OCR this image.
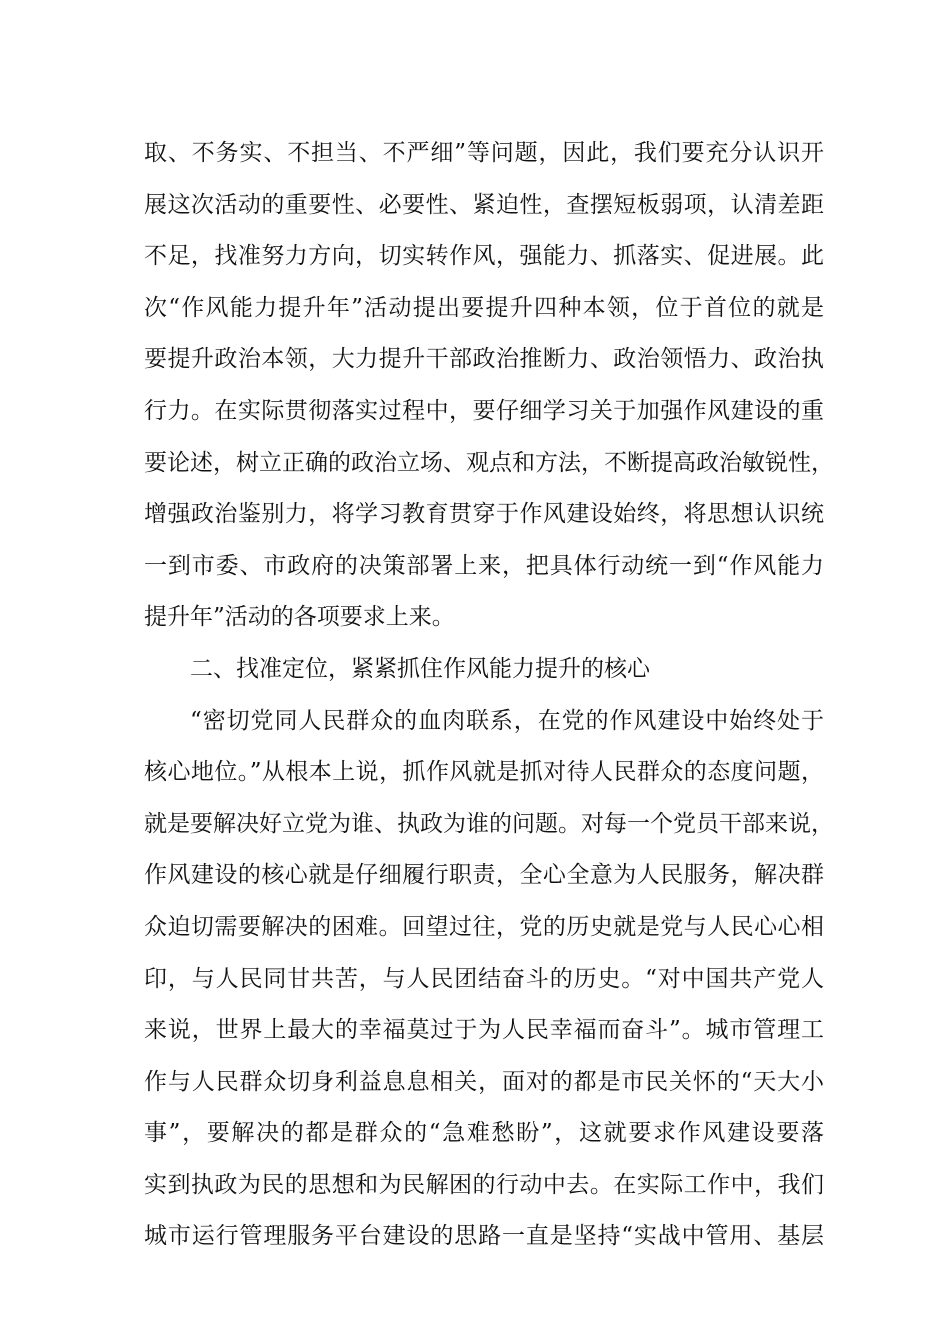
取、不务实、不担当、不严细”等问题，因此，我们要充分认识开
展这次活动的重要性、必要性、紧迫性，查摆短板弱项，认清差距
不足，找准努力方向，切实转作风，强能力、抓落实、促进展。此
次“作风能力提升年”活动提出要提升四种本领，位于首位的就是
要提升政治本领，大力提升干部政治推断力、政治领悟力、政治执
行力。在实际贯彻落实过程中，要仔细学习关于加强作风建设的重
要论述，树立正确的政治立场、观点和方法，不断提高政治敏锐性，
增强政治鉴别力，将学习教育贯穿于作风建设始终，将思想认识统
一到市委、市政府的决策部署上来，把具体行动统一到“作风能力
提升年”活动的各项要求上来。
二、找准定位，紧紧抓住作风能力提升的核心
“密切党同人民群众的血肉联系，在党的作风建设中始终处于
核心地位。”从根本上说，抓作风就是抓对待人民群众的态度问题，
就是要解决好立党为谁、执政为谁的问题。对每一个党员干部来说，
作风建设的核心就是仔细履行职责，全心全意为人民服务，解决群
众迫切需要解决的困难。回望过往，党的历史就是党与人民心心相
印，与人民同甘共苦，与人民团结奋斗的历史。“对中国共产党人
来说，世界上最大的幸福莫过于为人民幸福而奋斗”。城市管理工
作与人民群众切身利益息息相关，面对的都是市民关怀的“天大小
事”，要解决的都是群众的“急难愁盼”，这就要求作风建设要落
实到执政为民的思想和为民解困的行动中去。在实际工作中，我们
城市运行管理服务平台建设的思路一直是坚持“实战中管用、基层
